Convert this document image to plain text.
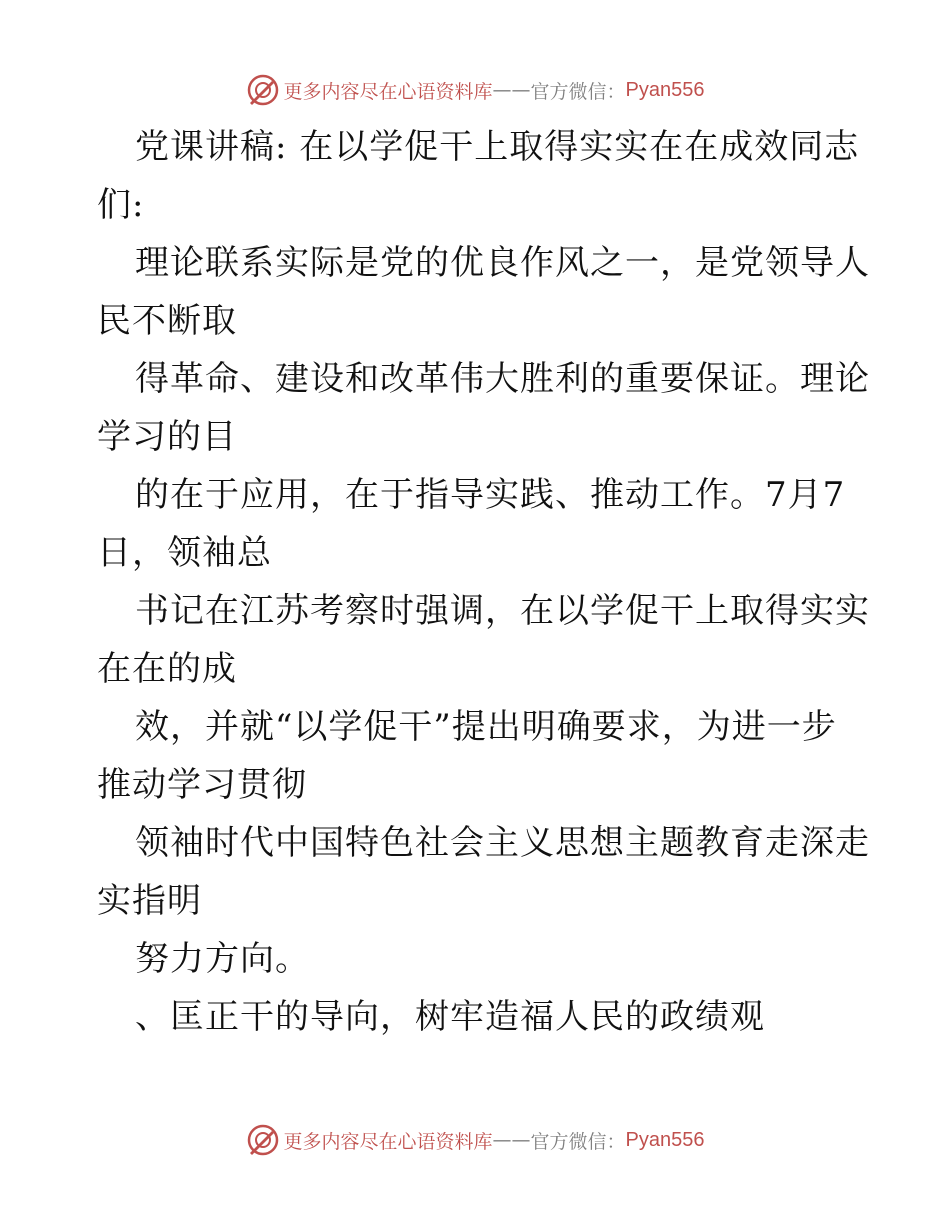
更多内容尽在心语资料库 —— 官方微信： Pyan556
党课讲稿: 在以学促干上取得实实在在成效同志
们:
理论联系实际是党的优良作风之一，是党领导人
民不断取
得革命、建设和改革伟大胜利的重要保证。理论
学习的目
的在于应用，在于指导实践、推动工作。7月7
日，领袖总
书记在江苏考察时强调，在以学促干上取得实实
在在的成
效，并就“以学促干”提出明确要求，为进一步
推动学习贯彻
领袖时代中国特色社会主义思想主题教育走深走
实指明
努力方向。
、匡正干的导向，树牢造福人民的政绩观
更多内容尽在心语资料库 —— 官方微信： Pyan556
